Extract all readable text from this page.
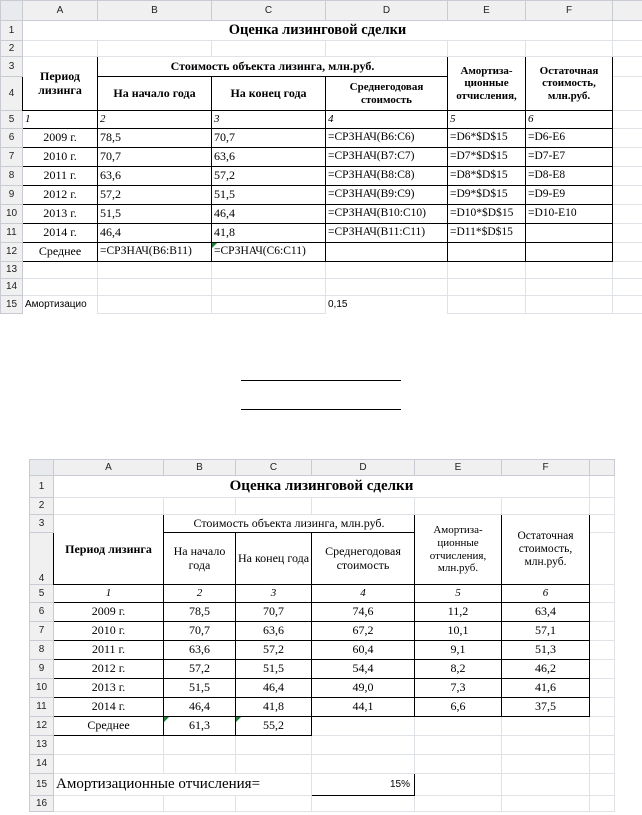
	A	B	C	D	E	F	
1	Оценка лизинговой сделки						
2							
3	Период лизинга	Стоимость объекта лизинга, млн.руб.			Амортиза-ционные отчисления,	Остаточная стоимость, млн.руб.	
4		На начало года	На конец года	Среднегодовая стоимость			
5	1	2	3	4	5	6	
6	2009 г.	78,5	70,7	=СРЗНАЧ(B6:C6)	=D6*$D$15	=D6-E6	
7	2010 г.	70,7	63,6	=СРЗНАЧ(B7:C7)	=D7*$D$15	=D7-E7	
8	2011 г.	63,6	57,2	=СРЗНАЧ(B8:C8)	=D8*$D$15	=D8-E8	
9	2012 г.	57,2	51,5	=СРЗНАЧ(B9:C9)	=D9*$D$15	=D9-E9	
10	2013 г.	51,5	46,4	=СРЗНАЧ(B10:C10)	=D10*$D$15	=D10-E10	
11	2014 г.	46,4	41,8	=СРЗНАЧ(B11:C11)	=D11*$D$15		
12	Среднее	=СРЗНАЧ(B6:B11)	=СРЗНАЧ(C6:C11)				
13							
14							
15	Амортизацио			0,15			
	A	B	C	D	E	F	
1	Оценка лизинговой сделки						
2							
3	Период лизинга	Стоимость объекта лизинга, млн.руб.			Амортиза-ционные отчисления, млн.руб.	Остаточная стоимость, млн.руб.	
4		На начало года	На конец года	Среднегодовая стоимость			
5	1	2	3	4	5	6	
6	2009 г.	78,5	70,7	74,6	11,2	63,4	
7	2010 г.	70,7	63,6	67,2	10,1	57,1	
8	2011 г.	63,6	57,2	60,4	9,1	51,3	
9	2012 г.	57,2	51,5	54,4	8,2	46,2	
10	2013 г.	51,5	46,4	49,0	7,3	41,6	
11	2014 г.	46,4	41,8	44,1	6,6	37,5	
12	Среднее	61,3	55,2				
13							
14							
15	Амортизационные отчисления=			15%			
16							
